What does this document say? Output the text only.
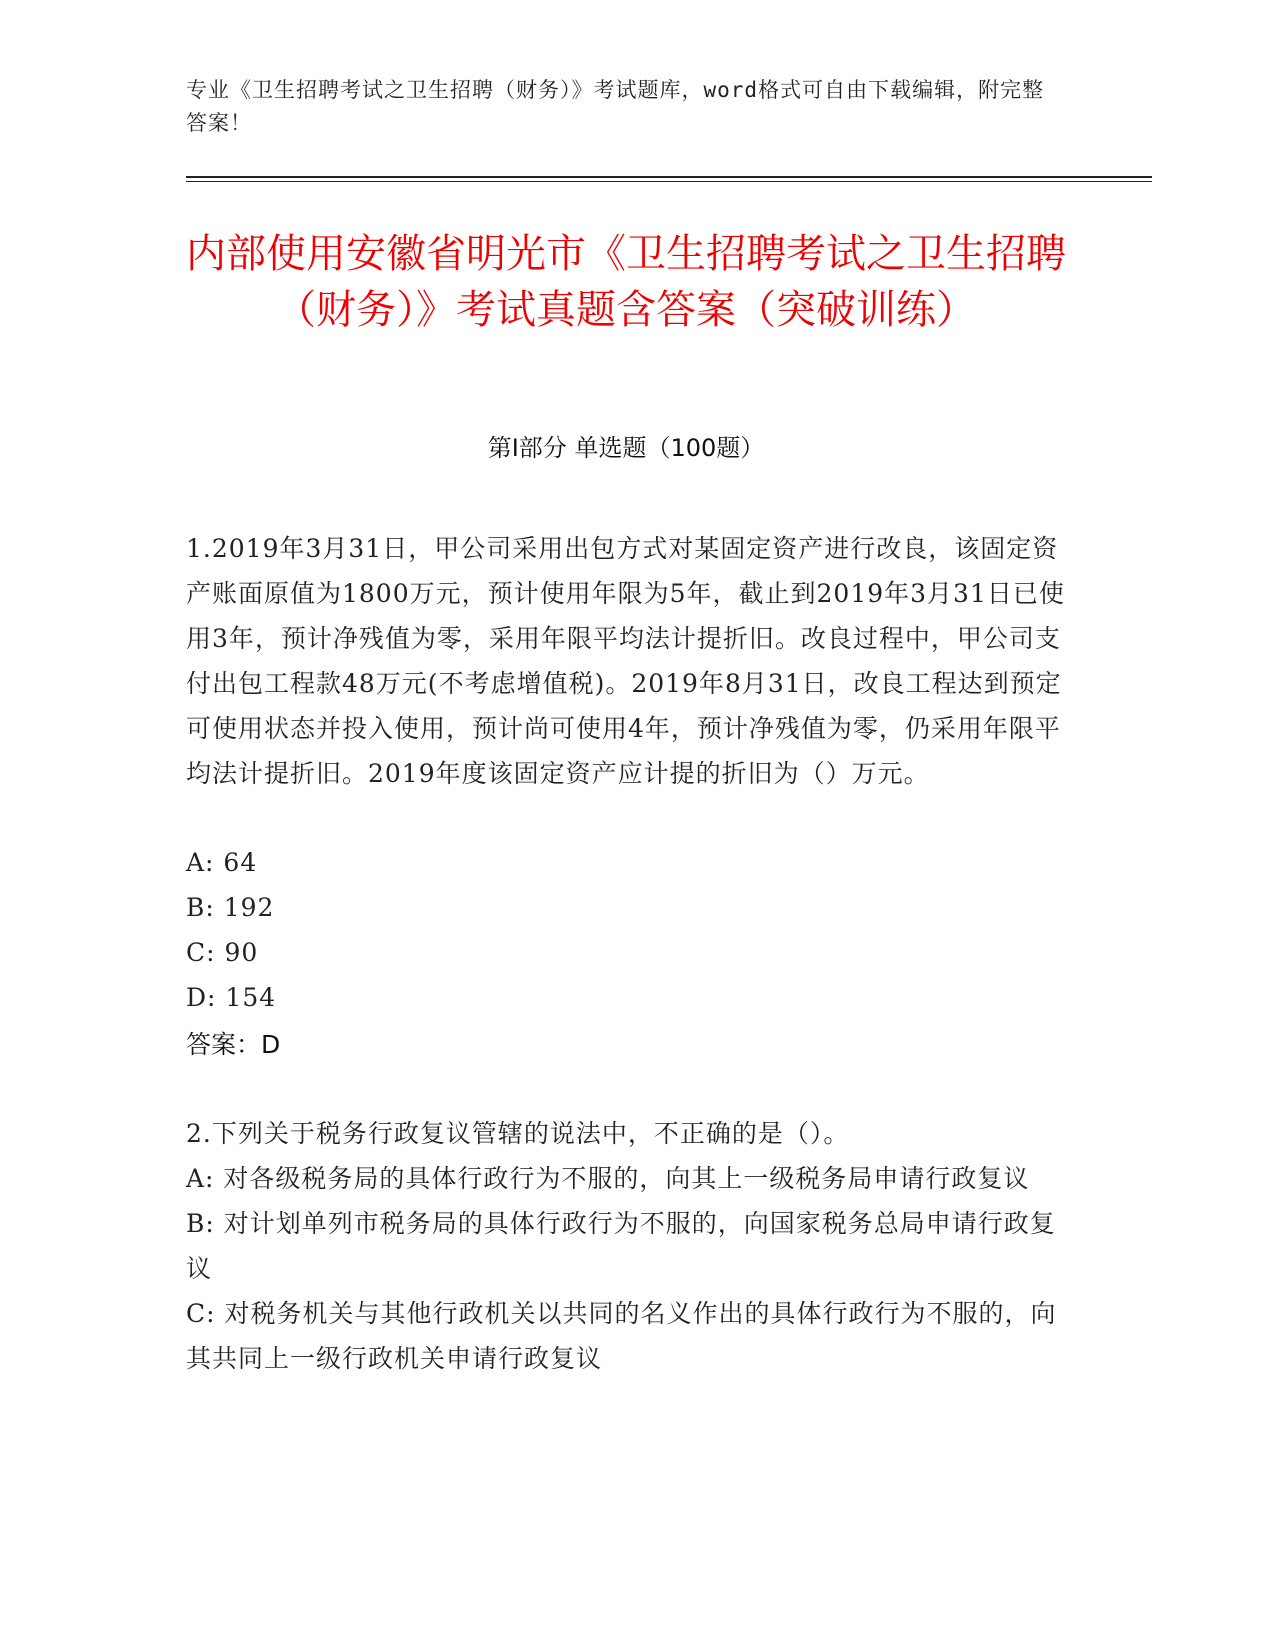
专业《卫生招聘考试之卫生招聘（财务）》考试题库，word格式可自由下载编辑，附完整答案！
内部使用安徽省明光市《卫生招聘考试之卫生招聘（财务）》考试真题含答案（突破训练）
第Ⅰ部分 单选题（100题）
1.2019年3月31日，甲公司采用出包方式对某固定资产进行改良，该固定资产账面原值为1800万元，预计使用年限为5年，截止到2019年3月31日已使用3年，预计净残值为零，采用年限平均法计提折旧。改良过程中，甲公司支付出包工程款48万元(不考虑增值税)。2019年8月31日，改良工程达到预定可使用状态并投入使用，预计尚可使用4年，预计净残值为零，仍采用年限平均法计提折旧。2019年度该固定资产应计提的折旧为（）万元。
A: 64
B: 192
C: 90
D: 154
答案：D
2.下列关于税务行政复议管辖的说法中，不正确的是（）。
A: 对各级税务局的具体行政行为不服的，向其上一级税务局申请行政复议
B: 对计划单列市税务局的具体行政行为不服的，向国家税务总局申请行政复议
C: 对税务机关与其他行政机关以共同的名义作出的具体行政行为不服的，向其共同上一级行政机关申请行政复议
